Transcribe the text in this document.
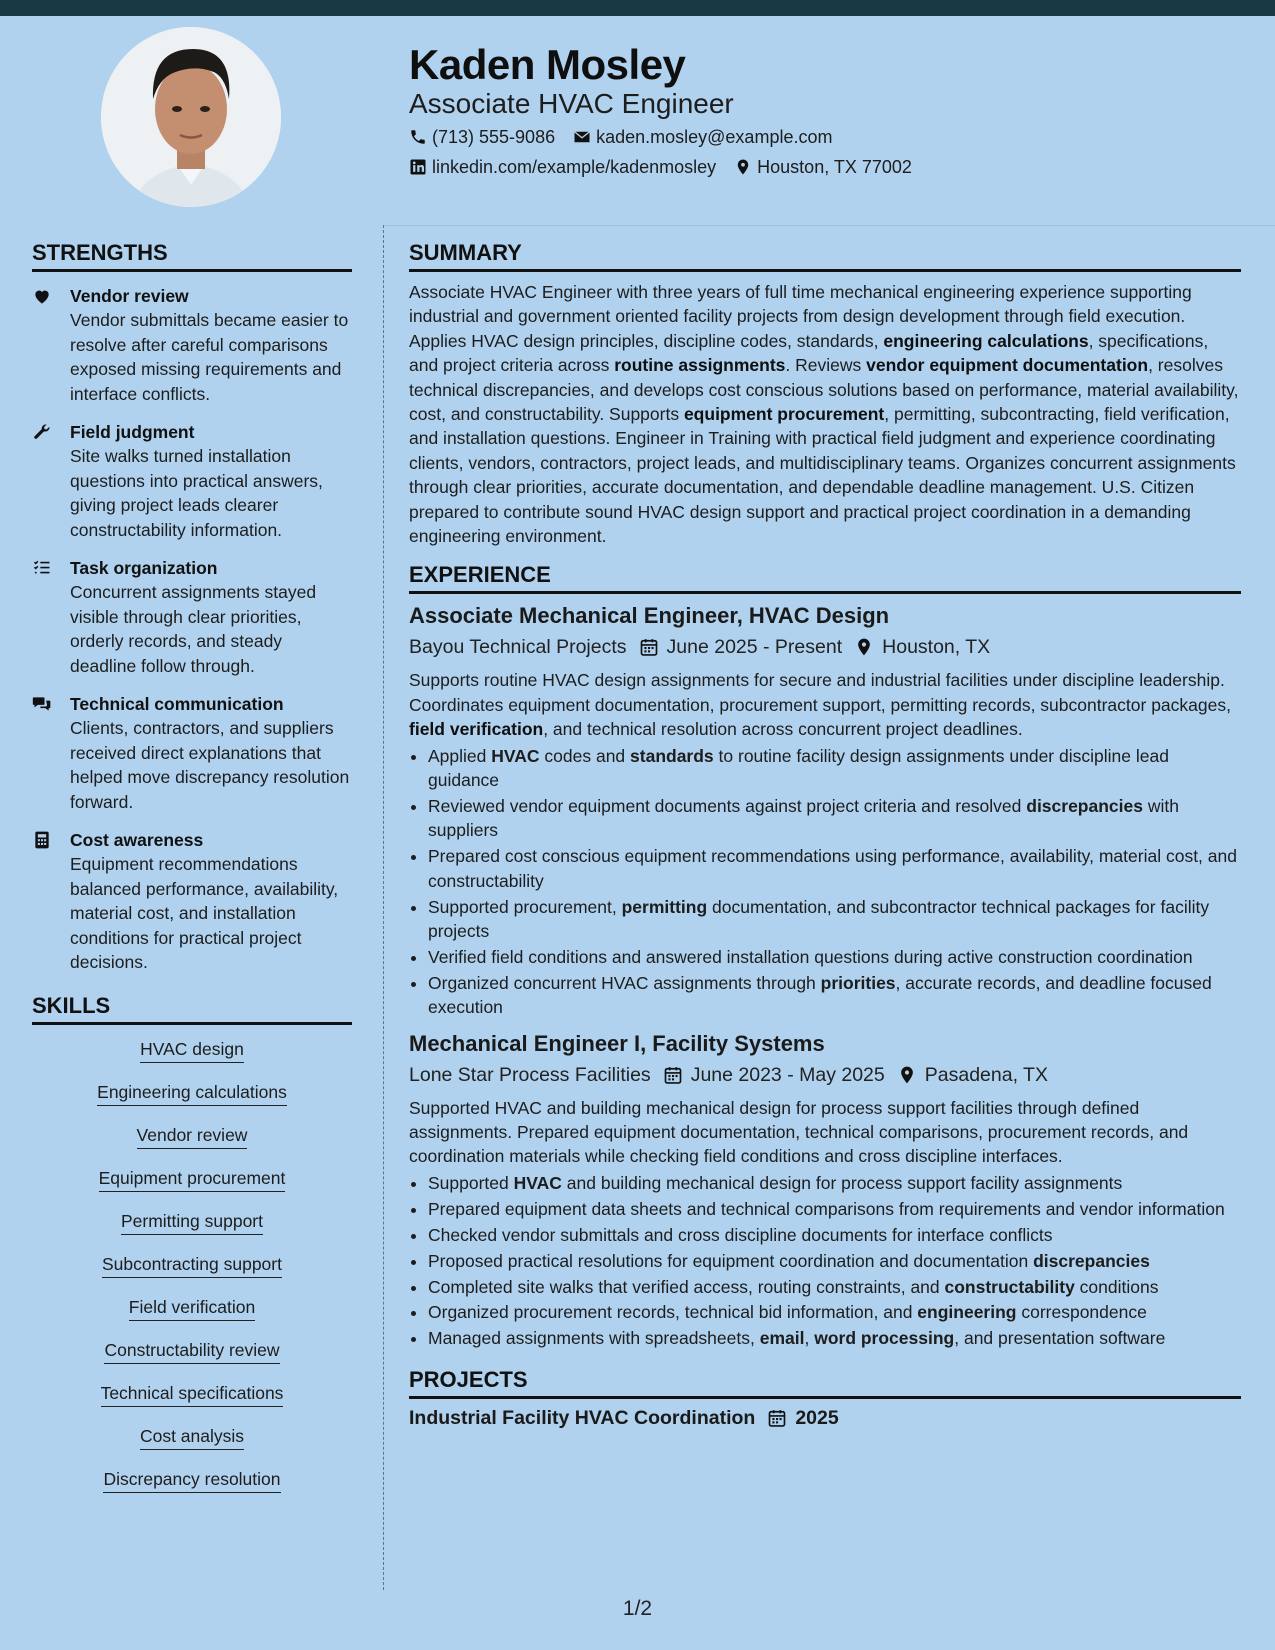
Kaden Mosley
Associate HVAC Engineer
(713) 555-9086 kaden.mosley@example.com
linkedin.com/example/kadenmosley Houston, TX 77002
STRENGTHS
Vendor review
Vendor submittals became easier to resolve after careful comparisons exposed missing requirements and interface conflicts.
Field judgment
Site walks turned installation questions into practical answers, giving project leads clearer constructability information.
Task organization
Concurrent assignments stayed visible through clear priorities, orderly records, and steady deadline follow through.
Technical communication
Clients, contractors, and suppliers received direct explanations that helped move discrepancy resolution forward.
Cost awareness
Equipment recommendations balanced performance, availability, material cost, and installation conditions for practical project decisions.
SKILLS
HVAC design
Engineering calculations
Vendor review
Equipment procurement
Permitting support
Subcontracting support
Field verification
Constructability review
Technical specifications
Cost analysis
Discrepancy resolution
SUMMARY

Associate HVAC Engineer with three years of full time mechanical engineering experience supporting industrial and government oriented facility projects from design development through field execution. Applies HVAC design principles, discipline codes, standards, engineering calculations, specifications, and project criteria across routine assignments. Reviews vendor equipment documentation, resolves technical discrepancies, and develops cost conscious solutions based on performance, material availability, cost, and constructability. Supports equipment procurement, permitting, subcontracting, field verification, and installation questions. Engineer in Training with practical field judgment and experience coordinating clients, vendors, contractors, project leads, and multidisciplinary teams. Organizes concurrent assignments through clear priorities, accurate documentation, and dependable deadline management. U.S. Citizen prepared to contribute sound HVAC design support and practical project coordination in a demanding engineering environment.

EXPERIENCE
Associate Mechanical Engineer, HVAC Design
Bayou Technical Projects June 2025 - Present Houston, TX

Supports routine HVAC design assignments for secure and industrial facilities under discipline leadership. Coordinates equipment documentation, procurement support, permitting records, subcontractor packages, field verification, and technical resolution across concurrent project deadlines.

• Applied HVAC codes and standards to routine facility design assignments under discipline lead guidance
• Reviewed vendor equipment documents against project criteria and resolved discrepancies with suppliers
• Prepared cost conscious equipment recommendations using performance, availability, material cost, and constructability
• Supported procurement, permitting documentation, and subcontractor technical packages for facility projects
• Verified field conditions and answered installation questions during active construction coordination
• Organized concurrent HVAC assignments through priorities, accurate records, and deadline focused execution
Mechanical Engineer I, Facility Systems
Lone Star Process Facilities June 2023 - May 2025 Pasadena, TX

Supported HVAC and building mechanical design for process support facilities through defined assignments. Prepared equipment documentation, technical comparisons, procurement records, and coordination materials while checking field conditions and cross discipline interfaces.

• Supported HVAC and building mechanical design for process support facility assignments
• Prepared equipment data sheets and technical comparisons from requirements and vendor information
• Checked vendor submittals and cross discipline documents for interface conflicts
• Proposed practical resolutions for equipment coordination and documentation discrepancies
• Completed site walks that verified access, routing constraints, and constructability conditions
• Organized procurement records, technical bid information, and engineering correspondence
• Managed assignments with spreadsheets, email, word processing, and presentation software
PROJECTS
Industrial Facility HVAC Coordination 2025
1/2
